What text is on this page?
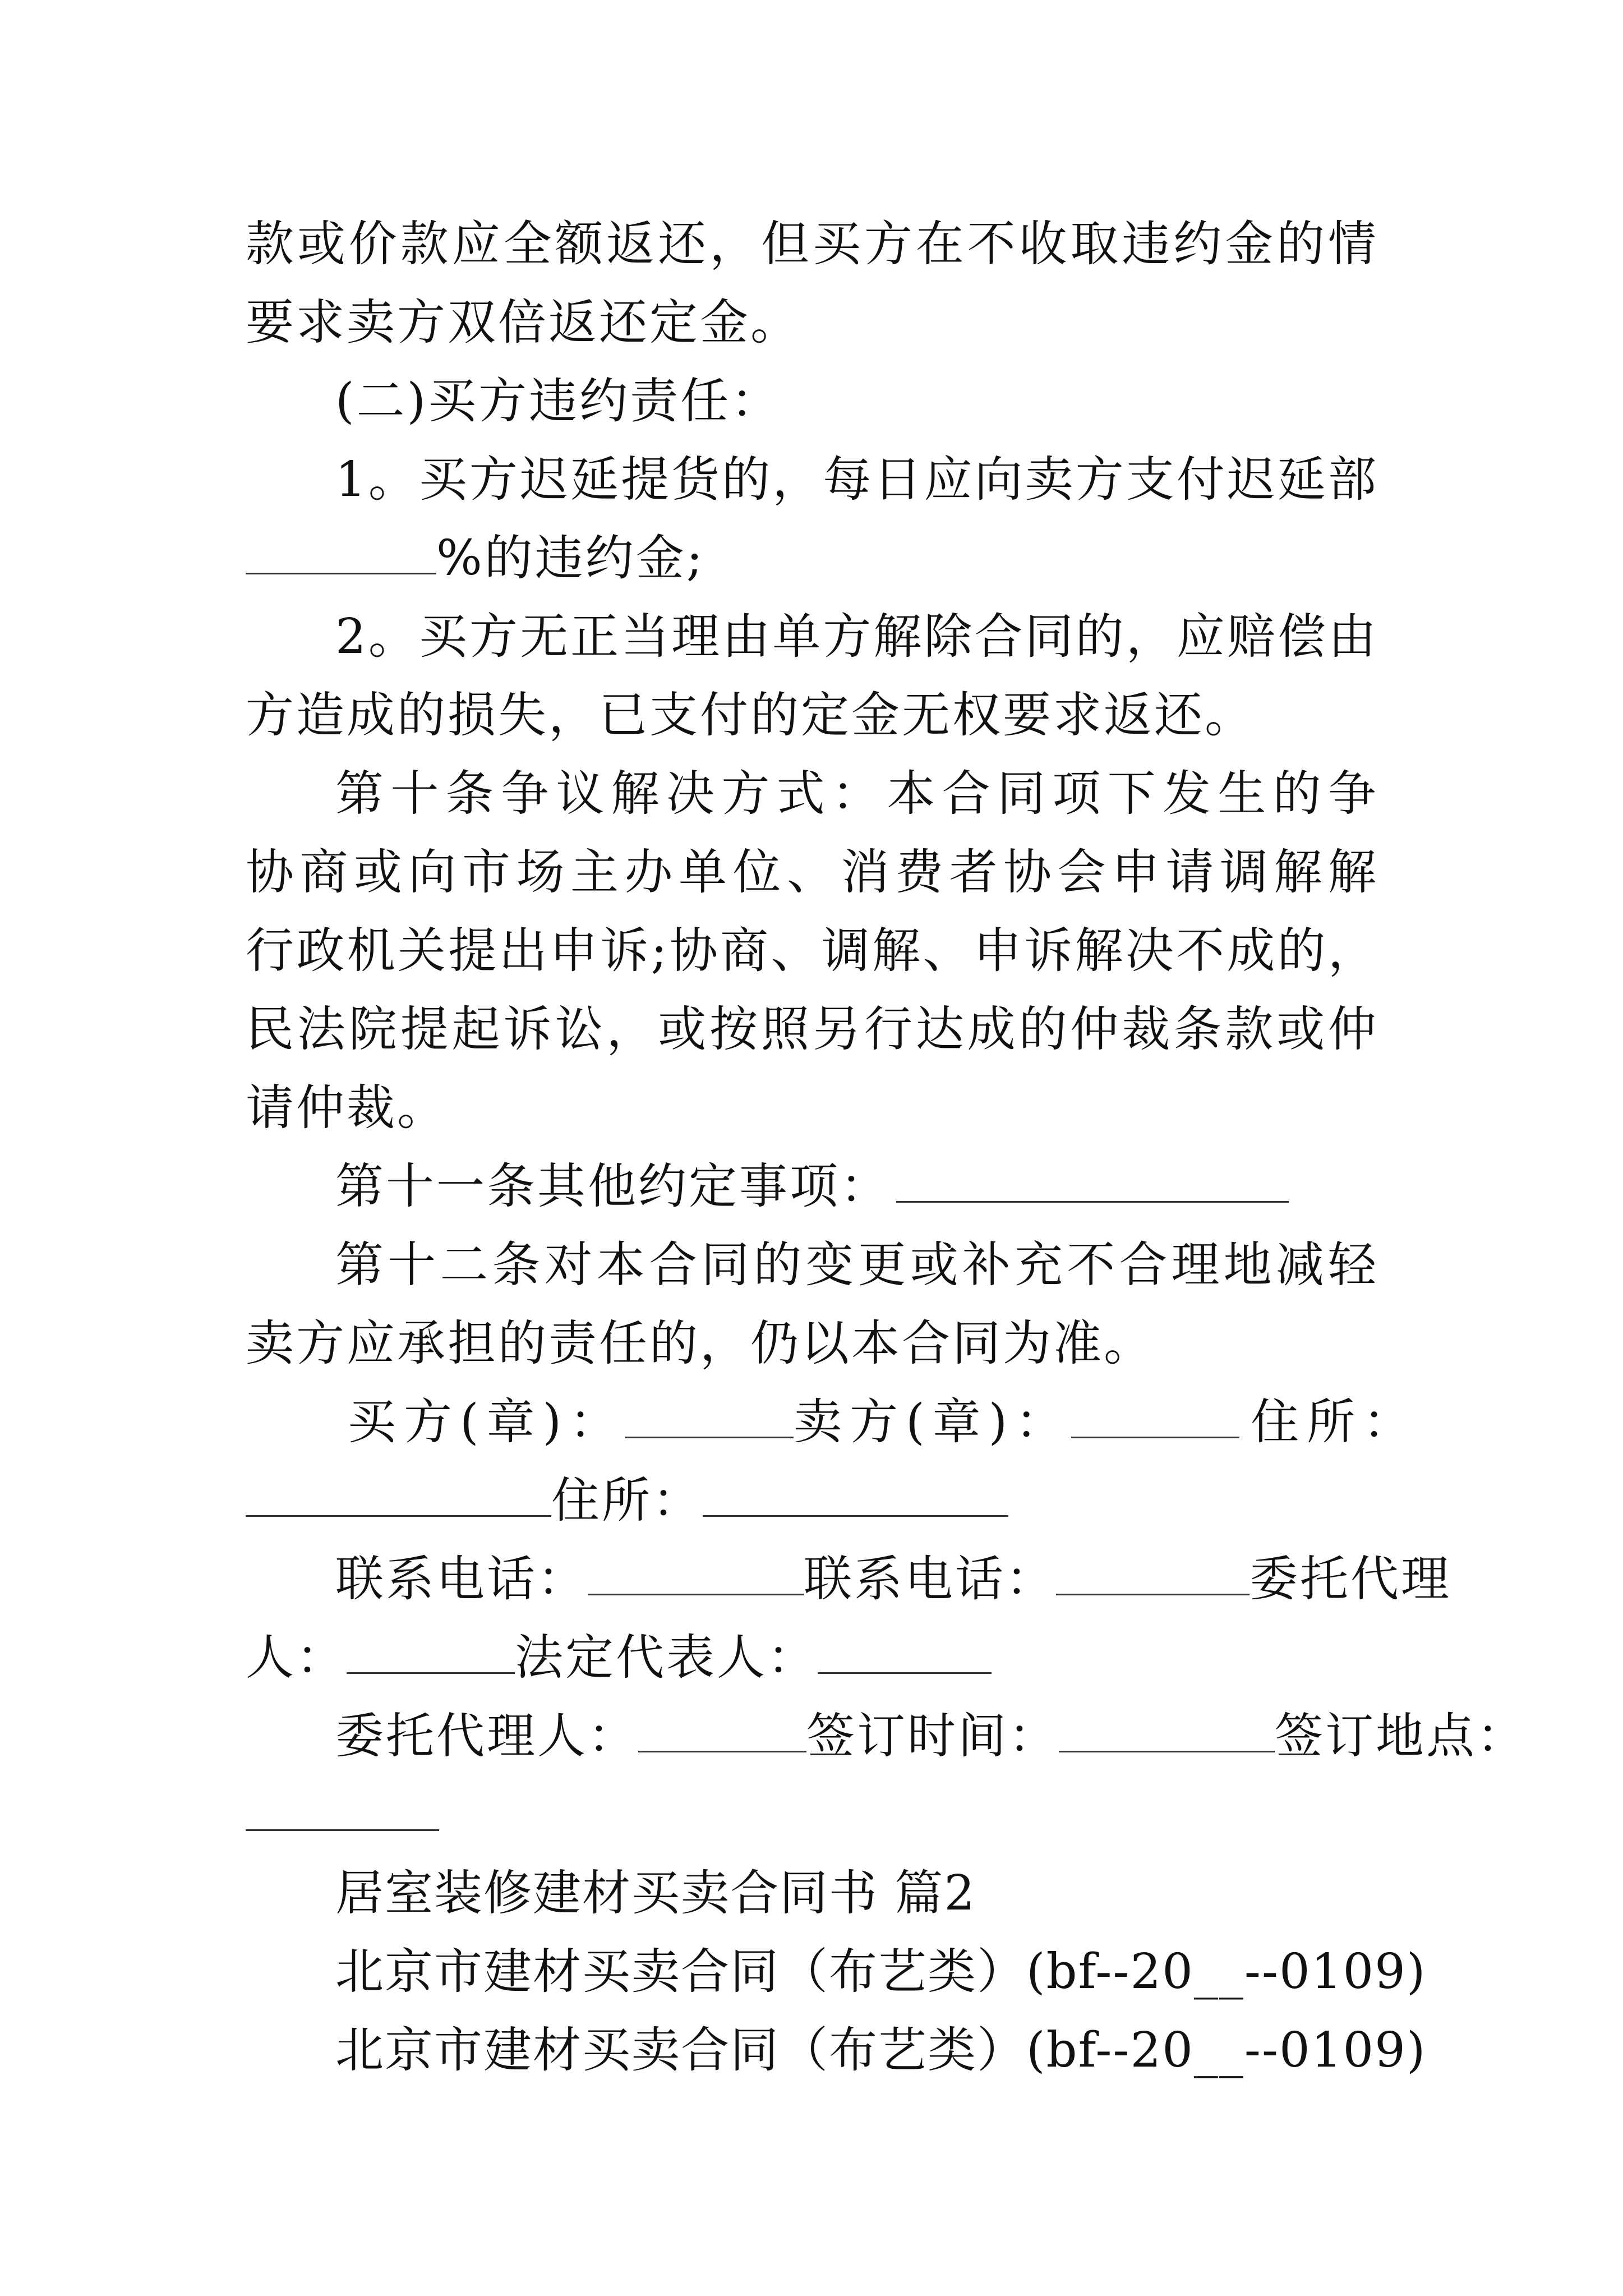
款或价款应全额返还，但买方在不收取违约金的情
要求卖方双倍返还定金。
(二)买方违约责任：
1。买方迟延提货的，每日应向卖方支付迟延部
%的违约金;
2。买方无正当理由单方解除合同的，应赔偿由
方造成的损失，已支付的定金无权要求返还。
第十条争议解决方式：本合同项下发生的争
协商或向市场主办单位、消费者协会申请调解解
行政机关提出申诉;协商、调解、申诉解决不成的，
民法院提起诉讼，或按照另行达成的仲裁条款或仲
请仲裁。
第十一条其他约定事项：
第十二条对本合同的变更或补充不合理地减轻
卖方应承担的责任的，仍以本合同为准。
买方(章)：	卖方(章)：	住所：
住所：
联系电话：	联系电话：	委托代理
人：	法定代表人：
委托代理人：	签订时间：	签订地点：
居室装修建材买卖合同书 篇2
北京市建材买卖合同（布艺类）(bf--20__--0109)
北京市建材买卖合同（布艺类）(bf--20__--0109)
